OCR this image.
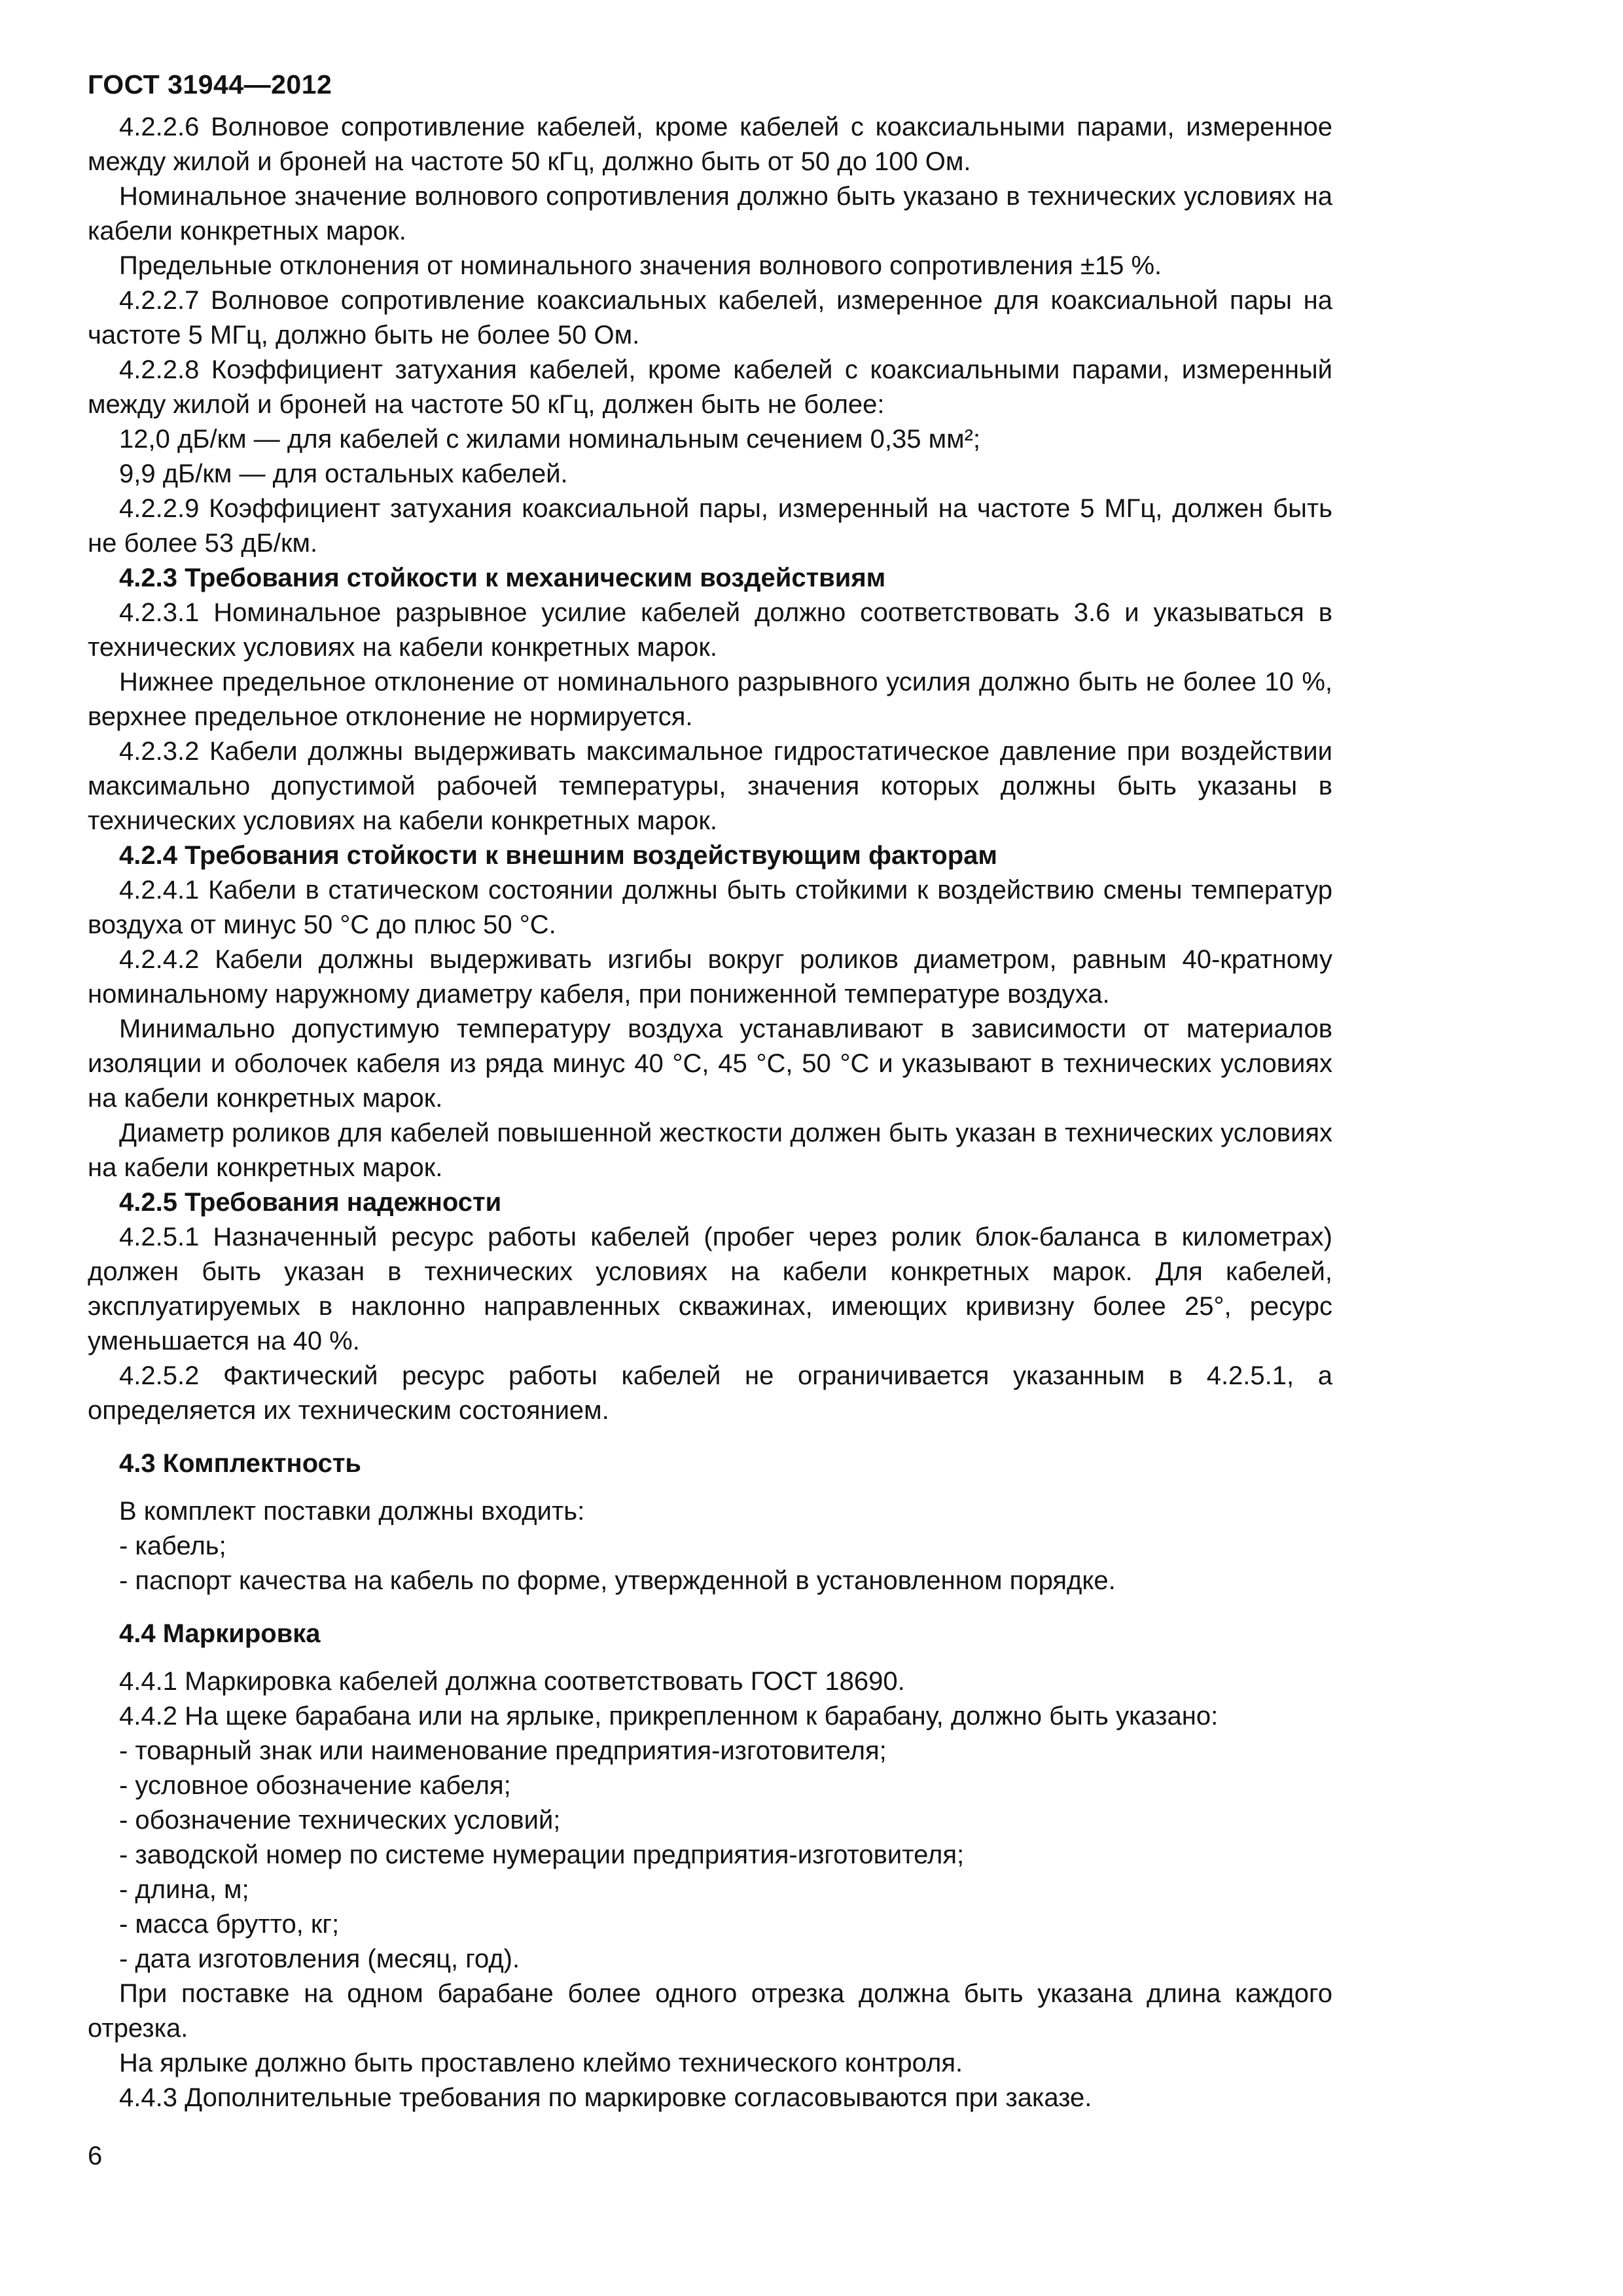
ГОСТ 31944—2012

4.2.2.6 Волновое сопротивление кабелей, кроме кабелей с коаксиальными парами, измеренное между жилой и броней на частоте 50 кГц, должно быть от 50 до 100 Ом.

Номинальное значение волнового сопротивления должно быть указано в технических условиях на кабели конкретных марок.

Предельные отклонения от номинального значения волнового сопротивления ±15 %.

4.2.2.7 Волновое сопротивление коаксиальных кабелей, измеренное для коаксиальной пары на частоте 5 МГц, должно быть не более 50 Ом.

4.2.2.8 Коэффициент затухания кабелей, кроме кабелей с коаксиальными парами, измеренный между жилой и броней на частоте 50 кГц, должен быть не более:

12,0 дБ/км — для кабелей с жилами номинальным сечением 0,35 мм²;

9,9 дБ/км — для остальных кабелей.

4.2.2.9 Коэффициент затухания коаксиальной пары, измеренный на частоте 5 МГц, должен быть не более 53 дБ/км.

4.2.3 Требования стойкости к механическим воздействиям

4.2.3.1 Номинальное разрывное усилие кабелей должно соответствовать 3.6 и указываться в технических условиях на кабели конкретных марок.

Нижнее предельное отклонение от номинального разрывного усилия должно быть не более 10 %, верхнее предельное отклонение не нормируется.

4.2.3.2 Кабели должны выдерживать максимальное гидростатическое давление при воздействии максимально допустимой рабочей температуры, значения которых должны быть указаны в технических условиях на кабели конкретных марок.

4.2.4 Требования стойкости к внешним воздействующим факторам

4.2.4.1 Кабели в статическом состоянии должны быть стойкими к воздействию смены температур воздуха от минус 50 °С до плюс 50 °С.

4.2.4.2 Кабели должны выдерживать изгибы вокруг роликов диаметром, равным 40-кратному номинальному наружному диаметру кабеля, при пониженной температуре воздуха.

Минимально допустимую температуру воздуха устанавливают в зависимости от материалов изоляции и оболочек кабеля из ряда минус 40 °С, 45 °С, 50 °С и указывают в технических условиях на кабели конкретных марок.

Диаметр роликов для кабелей повышенной жесткости должен быть указан в технических условиях на кабели конкретных марок.

4.2.5 Требования надежности

4.2.5.1 Назначенный ресурс работы кабелей (пробег через ролик блок-баланса в километрах) должен быть указан в технических условиях на кабели конкретных марок. Для кабелей, эксплуатируемых в наклонно направленных скважинах, имеющих кривизну более 25°, ресурс уменьшается на 40 %.

4.2.5.2 Фактический ресурс работы кабелей не ограничивается указанным в 4.2.5.1, а определяется их техническим состоянием.

4.3 Комплектность

В комплект поставки должны входить:

- кабель;

- паспорт качества на кабель по форме, утвержденной в установленном порядке.

4.4 Маркировка

4.4.1 Маркировка кабелей должна соответствовать ГОСТ 18690.

4.4.2 На щеке барабана или на ярлыке, прикрепленном к барабану, должно быть указано:

- товарный знак или наименование предприятия-изготовителя;

- условное обозначение кабеля;

- обозначение технических условий;

- заводской номер по системе нумерации предприятия-изготовителя;

- длина, м;

- масса брутто, кг;

- дата изготовления (месяц, год).

При поставке на одном барабане более одного отрезка должна быть указана длина каждого отрезка.

На ярлыке должно быть проставлено клеймо технического контроля.

4.4.3 Дополнительные требования по маркировке согласовываются при заказе.

6
